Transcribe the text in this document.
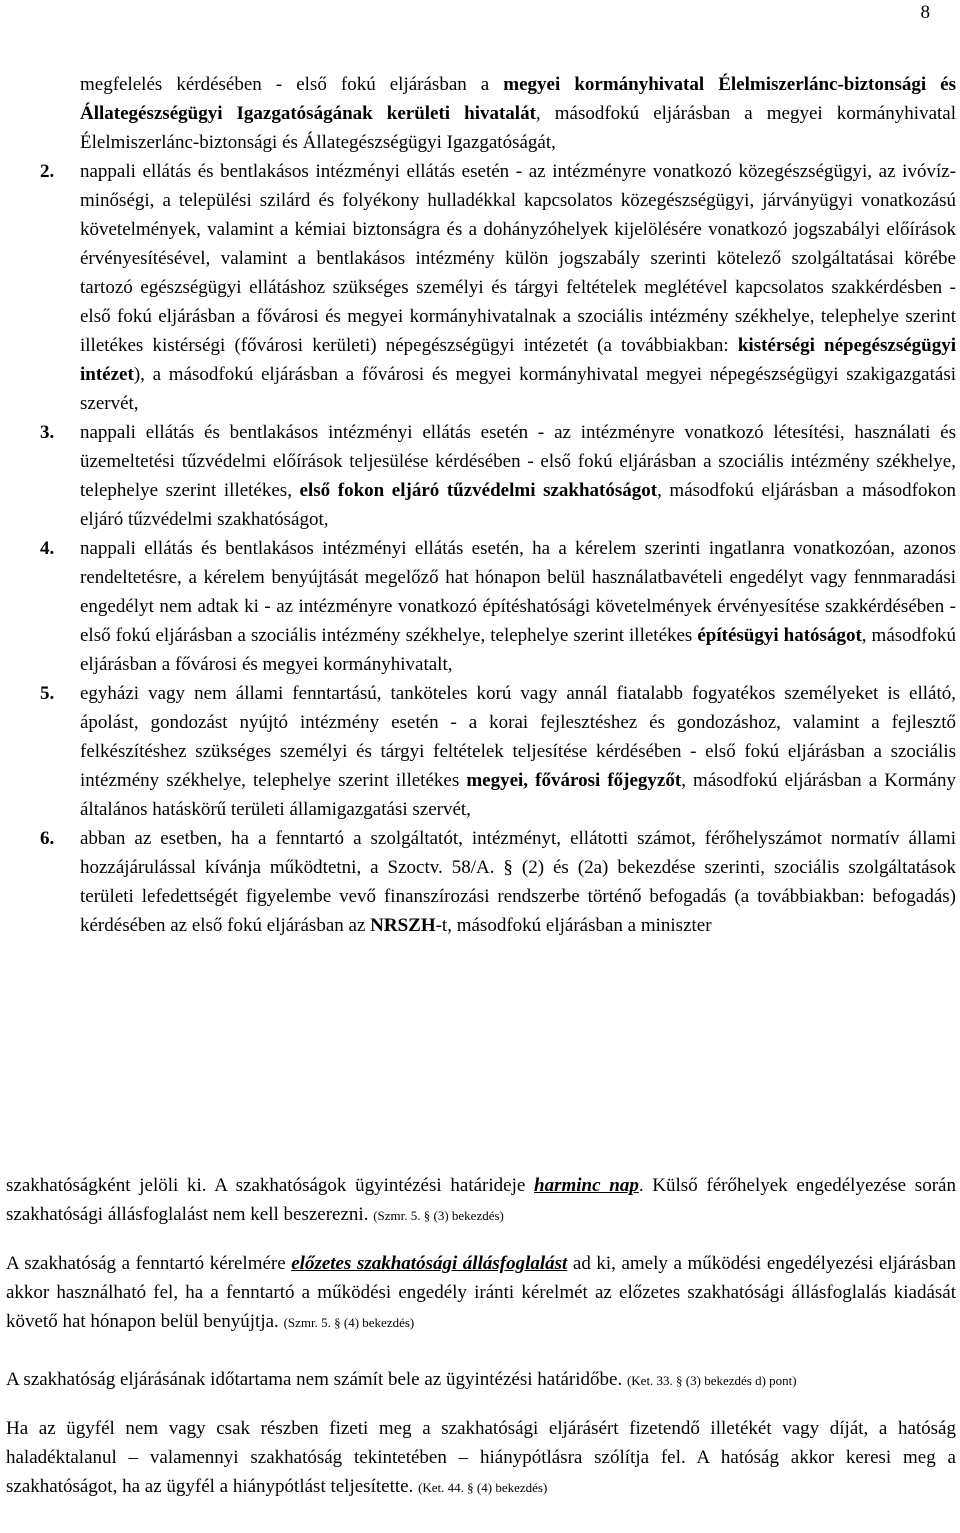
8

megfelelés kérdésében - első fokú eljárásban a megyei kormányhivatal Élelmiszerlánc-biztonsági és Állategészségügyi Igazgatóságának kerületi hivatalát, másodfokú eljárásban a megyei kormányhivatal Élelmiszerlánc-biztonsági és Állategészségügyi Igazgatóságát,

2. nappali ellátás és bentlakásos intézményi ellátás esetén - az intézményre vonatkozó közegészségügyi, az ivóvíz-minőségi, a települési szilárd és folyékony hulladékkal kapcsolatos közegészségügyi, járványügyi vonatkozású követelmények, valamint a kémiai biztonságra és a dohányzóhelyek kijelölésére vonatkozó jogszabályi előírások érvényesítésével, valamint a bentlakásos intézmény külön jogszabály szerinti kötelező szolgáltatásai körébe tartozó egészségügyi ellátáshoz szükséges személyi és tárgyi feltételek meglétével kapcsolatos szakkérdésben - első fokú eljárásban a fővárosi és megyei kormányhivatalnak a szociális intézmény székhelye, telephelye szerint illetékes kistérségi (fővárosi kerületi) népegészségügyi intézetét (a továbbiakban: kistérségi népegészségügyi intézet), a másodfokú eljárásban a fővárosi és megyei kormányhivatal megyei népegészségügyi szakigazgatási szervét,

3. nappali ellátás és bentlakásos intézményi ellátás esetén - az intézményre vonatkozó létesítési, használati és üzemeltetési tűzvédelmi előírások teljesülése kérdésében - első fokú eljárásban a szociális intézmény székhelye, telephelye szerint illetékes, első fokon eljáró tűzvédelmi szakhatóságot, másodfokú eljárásban a másodfokon eljáró tűzvédelmi szakhatóságot,

4. nappali ellátás és bentlakásos intézményi ellátás esetén, ha a kérelem szerinti ingatlanra vonatkozóan, azonos rendeltetésre, a kérelem benyújtását megelőző hat hónapon belül használatbavételi engedélyt vagy fennmaradási engedélyt nem adtak ki - az intézményre vonatkozó építéshatósági követelmények érvényesítése szakkérdésében - első fokú eljárásban a szociális intézmény székhelye, telephelye szerint illetékes építésügyi hatóságot, másodfokú eljárásban a fővárosi és megyei kormányhivatalt,

5. egyházi vagy nem állami fenntartású, tanköteles korú vagy annál fiatalabb fogyatékos személyeket is ellátó, ápolást, gondozást nyújtó intézmény esetén - a korai fejlesztéshez és gondozáshoz, valamint a fejlesztő felkészítéshez szükséges személyi és tárgyi feltételek teljesítése kérdésében - első fokú eljárásban a szociális intézmény székhelye, telephelye szerint illetékes megyei, fővárosi főjegyzőt, másodfokú eljárásban a Kormány általános hatáskörű területi államigazgatási szervét,

6. abban az esetben, ha a fenntartó a szolgáltatót, intézményt, ellátotti számot, férőhelyszámot normatív állami hozzájárulással kívánja működtetni, a Szoctv. 58/A. § (2) és (2a) bekezdése szerinti, szociális szolgáltatások területi lefedettségét figyelembe vevő finanszírozási rendszerbe történő befogadás (a továbbiakban: befogadás) kérdésében az első fokú eljárásban az NRSZH-t, másodfokú eljárásban a miniszter

szakhatóságként jelöli ki. A szakhatóságok ügyintézési határideje harminc nap. Külső férőhelyek engedélyezése során szakhatósági állásfoglalást nem kell beszerezni. (Szmr. 5. § (3) bekezdés)

A szakhatóság a fenntartó kérelmére előzetes szakhatósági állásfoglalást ad ki, amely a működési engedélyezési eljárásban akkor használható fel, ha a fenntartó a működési engedély iránti kérelmét az előzetes szakhatósági állásfoglalás kiadását követő hat hónapon belül benyújtja. (Szmr. 5. § (4) bekezdés)

A szakhatóság eljárásának időtartama nem számít bele az ügyintézési határidőbe. (Ket. 33. § (3) bekezdés d) pont)

Ha az ügyfél nem vagy csak részben fizeti meg a szakhatósági eljárásért fizetendő illetékét vagy díját, a hatóság haladéktalanul – valamennyi szakhatóság tekintetében – hiánypótlásra szólítja fel. A hatóság akkor keresi meg a szakhatóságot, ha az ügyfél a hiánypótlást teljesítette. (Ket. 44. § (4) bekezdés)
